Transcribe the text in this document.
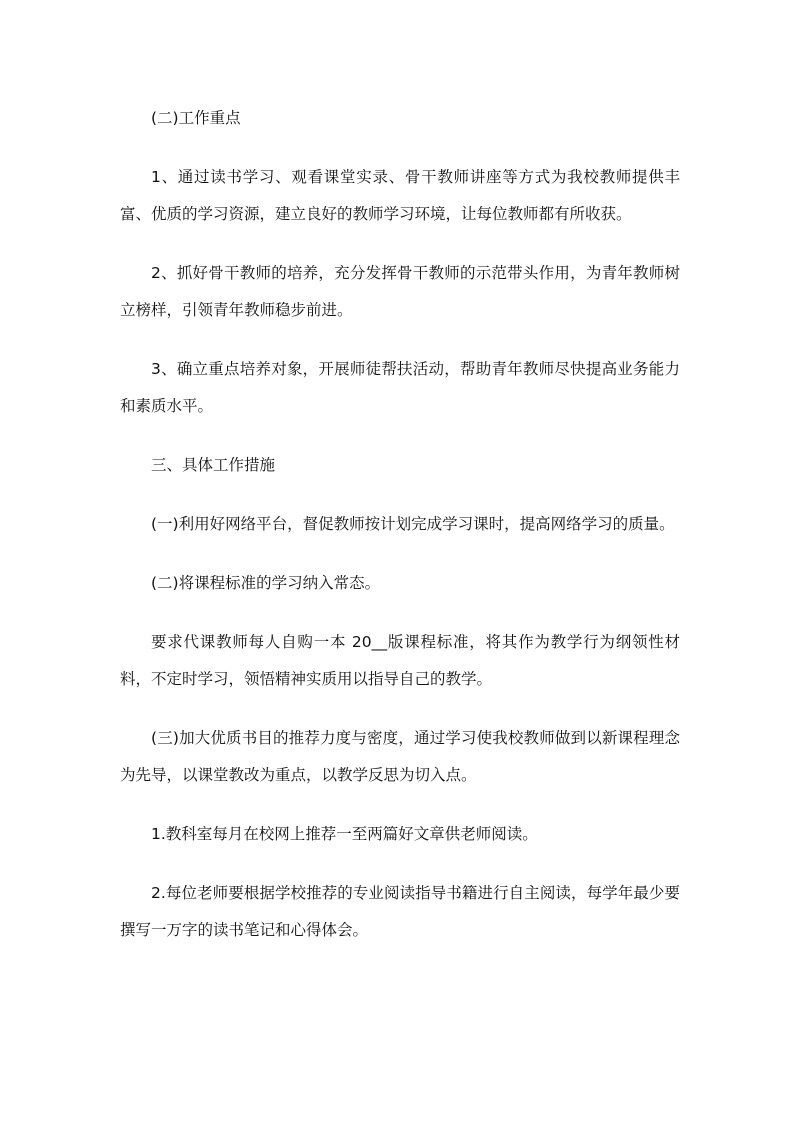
(二)工作重点

1、通过读书学习、观看课堂实录、骨干教师讲座等方式为我校教师提供丰富、优质的学习资源，建立良好的教师学习环境，让每位教师都有所收获。

2、抓好骨干教师的培养，充分发挥骨干教师的示范带头作用，为青年教师树立榜样，引领青年教师稳步前进。

3、确立重点培养对象，开展师徒帮扶活动，帮助青年教师尽快提高业务能力和素质水平。

三、具体工作措施

(一)利用好网络平台，督促教师按计划完成学习课时，提高网络学习的质量。

(二)将课程标准的学习纳入常态。

要求代课教师每人自购一本 20__版课程标准，将其作为教学行为纲领性材料，不定时学习，领悟精神实质用以指导自己的教学。

(三)加大优质书目的推荐力度与密度，通过学习使我校教师做到以新课程理念为先导，以课堂教改为重点，以教学反思为切入点。

1.教科室每月在校网上推荐一至两篇好文章供老师阅读。

2.每位老师要根据学校推荐的专业阅读指导书籍进行自主阅读，每学年最少要撰写一万字的读书笔记和心得体会。
